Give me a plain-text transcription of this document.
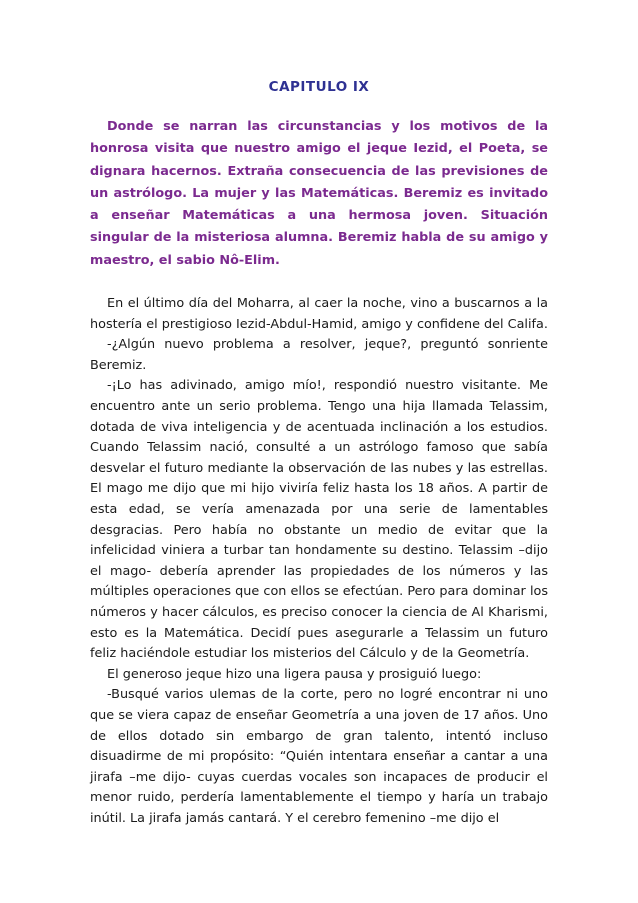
CAPITULO IX

Donde se narran las circunstancias y los motivos de la honrosa visita que nuestro amigo el jeque Iezid, el Poeta, se dignara hacernos. Extraña consecuencia de las previsiones de un astrólogo. La mujer y las Matemáticas. Beremiz es invitado a enseñar Matemáticas a una hermosa joven. Situación singular de la misteriosa alumna. Beremiz habla de su amigo y maestro, el sabio Nô-Elim.

En el último día del Moharra, al caer la noche, vino a buscarnos a la hostería el prestigioso Iezid-Abdul-Hamid, amigo y confidene del Califa.

-¿Algún nuevo problema a resolver, jeque?, preguntó sonriente Beremiz.

-¡Lo has adivinado, amigo mío!, respondió nuestro visitante. Me encuentro ante un serio problema. Tengo una hija llamada Telassim, dotada de viva inteligencia y de acentuada inclinación a los estudios. Cuando Telassim nació, consulté a un astrólogo famoso que sabía desvelar el futuro mediante la observación de las nubes y las estrellas. El mago me dijo que mi hijo viviría feliz hasta los 18 años. A partir de esta edad, se vería amenazada por una serie de lamentables desgracias. Pero había no obstante un medio de evitar que la infelicidad viniera a turbar tan hondamente su destino. Telassim –dijo el mago- debería aprender las propiedades de los números y las múltiples operaciones que con ellos se efectúan. Pero para dominar los números y hacer cálculos, es preciso conocer la ciencia de Al Kharismi, esto es la Matemática. Decidí pues asegurarle a Telassim un futuro feliz haciéndole estudiar los misterios del Cálculo y de la Geometría.

El generoso jeque hizo una ligera pausa y prosiguió luego:

-Busqué varios ulemas de la corte, pero no logré encontrar ni uno que se viera capaz de enseñar Geometría a una joven de 17 años. Uno de ellos dotado sin embargo de gran talento, intentó incluso disuadirme de mi propósito: “Quién intentara enseñar a cantar a una jirafa –me dijo- cuyas cuerdas vocales son incapaces de producir el menor ruido, perdería lamentablemente el tiempo y haría un trabajo inútil. La jirafa jamás cantará. Y el cerebro femenino –me dijo el
